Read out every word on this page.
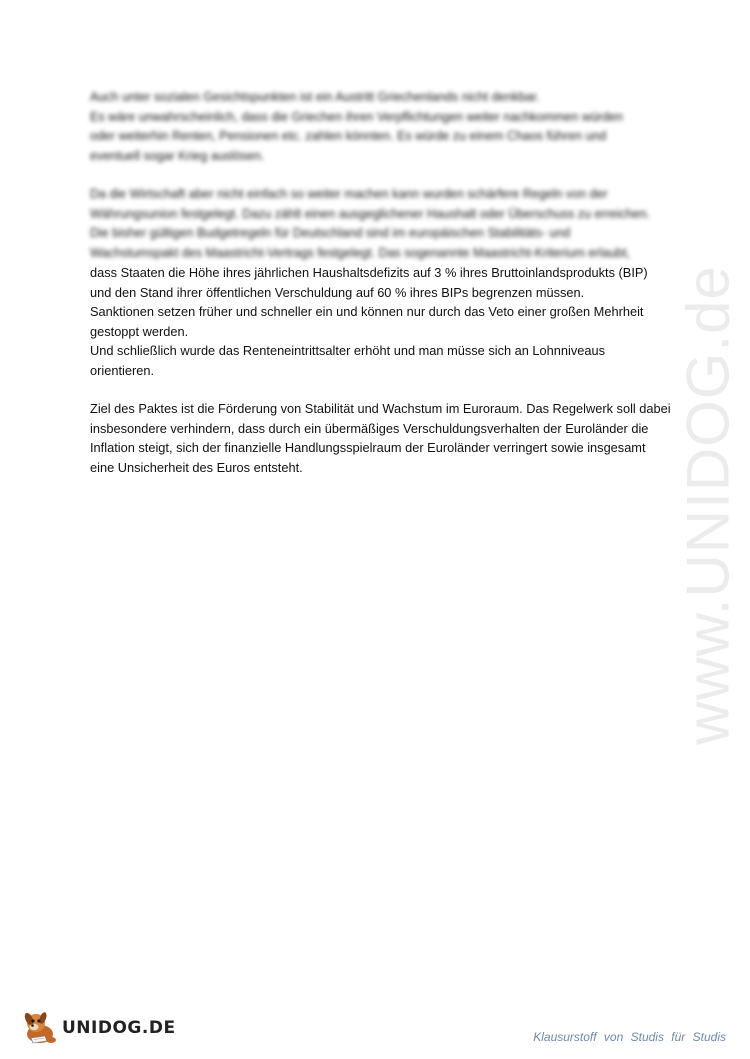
www.UNIDOG.de

Auch unter sozialen Gesichtspunkten ist ein Austritt Griechenlands nicht denkbar.

Es wäre unwahrscheinlich, dass die Griechen ihren Verpflichtungen weiter nachkommen würden

oder weiterhin Renten, Pensionen etc. zahlen könnten. Es würde zu einem Chaos führen und

eventuell sogar Krieg auslösen.

Da die Wirtschaft aber nicht einfach so weiter machen kann wurden schärfere Regeln von der

Währungsunion festgelegt. Dazu zählt einen ausgeglichener Haushalt oder Überschuss zu erreichen.

Die bisher gültigen Budgetregeln für Deutschland sind im europäischen Stabilitäts- und

Wachstumspakt des Maastricht-Vertrags festgelegt. Das sogenannte Maastricht-Kriterium erlaubt,

dass Staaten die Höhe ihres jährlichen Haushaltsdefizits auf 3 % ihres Bruttoinlandsprodukts (BIP)

und den Stand ihrer öffentlichen Verschuldung auf 60 % ihres BIPs begrenzen müssen.

Sanktionen setzen früher und schneller ein und können nur durch das Veto einer großen Mehrheit

gestoppt werden.

Und schließlich wurde das Renteneintrittsalter erhöht und man müsse sich an Lohnniveaus

orientieren.

Ziel des Paktes ist die Förderung von Stabilität und Wachstum im Euroraum. Das Regelwerk soll dabei

insbesondere verhindern, dass durch ein übermäßiges Verschuldungsverhalten der Euroländer die

Inflation steigt, sich der finanzielle Handlungsspielraum der Euroländer verringert sowie insgesamt

eine Unsicherheit des Euros entsteht.

UNIDOG.DE	Klausurstoff von Studis für Studis
